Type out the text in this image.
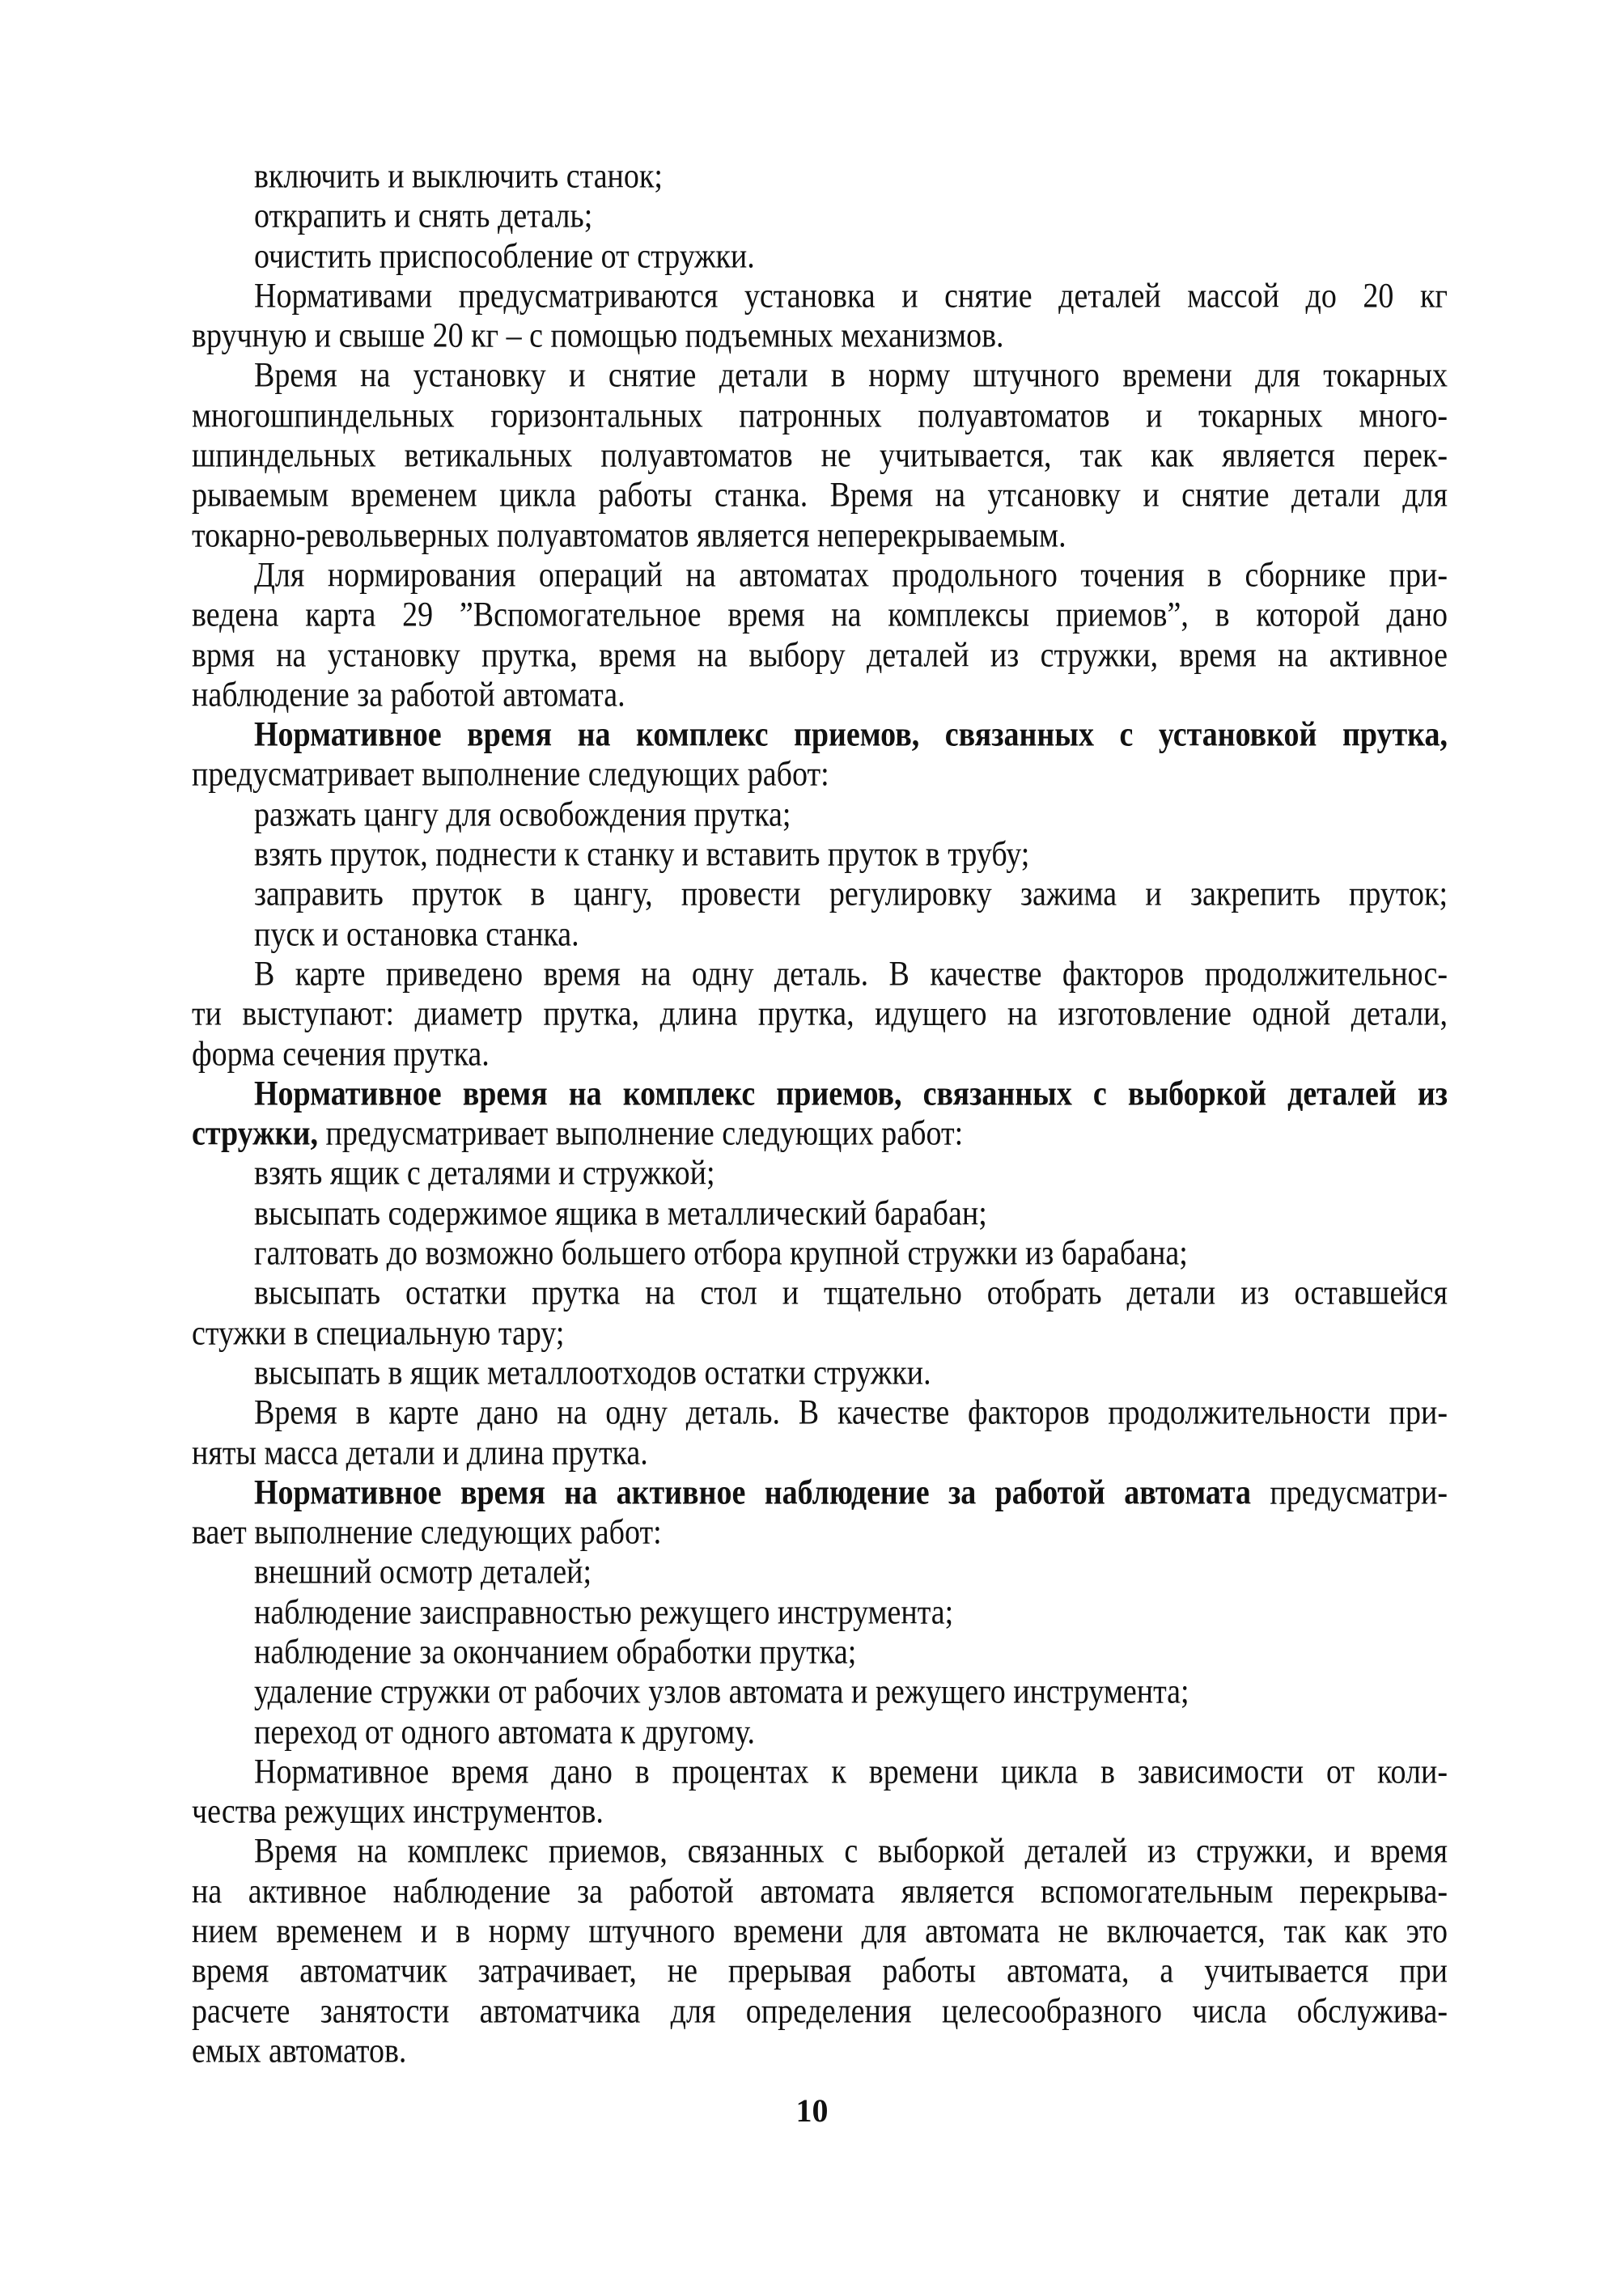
включить и выключить станок;
открапить и снять деталь;
очистить приспособление от стружки.
Нормативами предусматриваются установка и снятие деталей массой до 20 кг
вручную и свыше 20 кг – с помощью подъемных механизмов.
Время на установку и снятие детали в норму штучного времени для токарных
многошпиндельных горизонтальных патронных полуавтоматов и токарных много-
шпиндельных ветикальных полуавтоматов не учитывается, так как является перек-
рываемым временем цикла работы станка. Время на утсановку и снятие детали для
токарно-револьверных полуавтоматов является неперекрываемым.
Для нормирования операций на автоматах продольного точения в сборнике при-
ведена карта 29 ”Вспомогательное время на комплексы приемов”, в которой дано
врмя на установку прутка, время на выбору деталей из стружки, время на активное
наблюдение за работой автомата.
Нормативное время на комплекс приемов, связанных с установкой прутка,
предусматривает выполнение следующих работ:
разжать цангу для освобождения прутка;
взять пруток, поднести к станку и вставить пруток в трубу;
заправить пруток в цангу, провести регулировку зажима и закрепить пруток;
пуск и остановка станка.
В карте приведено время на одну деталь. В качестве факторов продолжительнос-
ти выступают: диаметр прутка, длина прутка, идущего на изготовление одной детали,
форма сечения прутка.
Нормативное время на комплекс приемов, связанных с выборкой деталей из
стружки, предусматривает выполнение следующих работ:
взять ящик с деталями и стружкой;
высыпать содержимое ящика в металлический барабан;
галтовать до возможно большего отбора крупной стружки из барабана;
высыпать остатки прутка на стол и тщательно отобрать детали из оставшейся
стужки в специальную тару;
высыпать в ящик металлоотходов остатки стружки.
Время в карте дано на одну деталь. В качестве факторов продолжительности при-
няты масса детали и длина прутка.
Нормативное время на активное наблюдение за работой автомата предусматри-
вает выполнение следующих работ:
внешний осмотр деталей;
наблюдение заисправностью режущего инструмента;
наблюдение за окончанием обработки прутка;
удаление стружки от рабочих узлов автомата и режущего инструмента;
переход от одного автомата к другому.
Нормативное время дано в процентах к времени цикла в зависимости от коли-
чества режущих инструментов.
Время на комплекс приемов, связанных с выборкой деталей из стружки, и время
на активное наблюдение за работой автомата является вспомогательным перекрыва-
нием временем и в норму штучного времени для автомата не включается, так как это
время автоматчик затрачивает, не прерывая работы автомата, а учитывается при
расчете занятости автоматчика для определения целесообразного числа обслужива-
емых автоматов.
10
